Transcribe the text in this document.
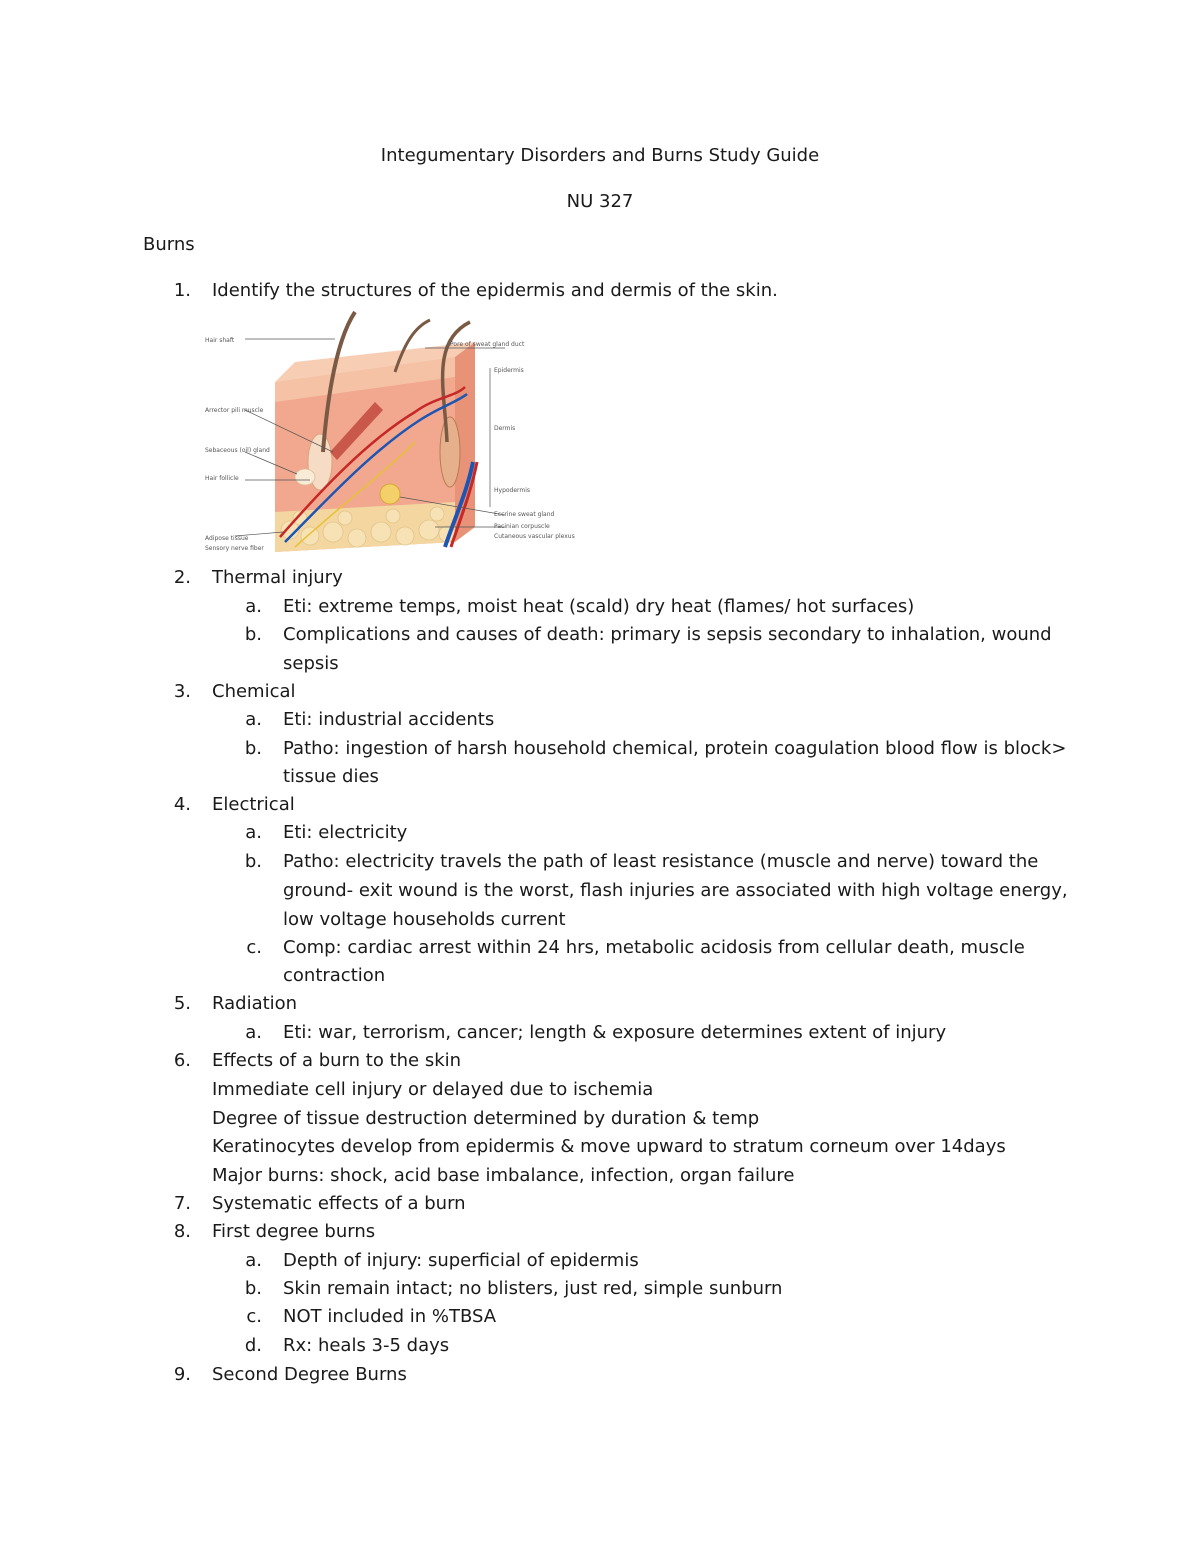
Integumentary Disorders and Burns Study Guide
NU 327
Burns
1. Identify the structures of the epidermis and dermis of the skin.
Hair shaft
Arrector pili muscle
Sebaceous (oil) gland
Hair follicle
Adipose tissue
Sensory nerve fiber
Pore of sweat gland duct
Epidermis
Dermis
Hypodermis
Eccrine sweat gland
Pacinian corpuscle
Cutaneous vascular plexus
2. Thermal injury
a. Eti: extreme temps, moist heat (scald) dry heat (flames/ hot surfaces)
b. Complications and causes of death: primary is sepsis secondary to inhalation, wound
sepsis
3. Chemical
a. Eti: industrial accidents
b. Patho: ingestion of harsh household chemical, protein coagulation blood flow is block>
tissue dies
4. Electrical
a. Eti: electricity
b. Patho: electricity travels the path of least resistance (muscle and nerve) toward the
ground- exit wound is the worst, flash injuries are associated with high voltage energy,
low voltage households current
c. Comp: cardiac arrest within 24 hrs, metabolic acidosis from cellular death, muscle
contraction
5. Radiation
a. Eti: war, terrorism, cancer; length & exposure determines extent of injury
6. Effects of a burn to the skin
Immediate cell injury or delayed due to ischemia
Degree of tissue destruction determined by duration & temp
Keratinocytes develop from epidermis & move upward to stratum corneum over 14days
Major burns: shock, acid base imbalance, infection, organ failure
7. Systematic effects of a burn
8. First degree burns
a. Depth of injury: superficial of epidermis
b. Skin remain intact; no blisters, just red, simple sunburn
c. NOT included in %TBSA
d. Rx: heals 3-5 days
9. Second Degree Burns
